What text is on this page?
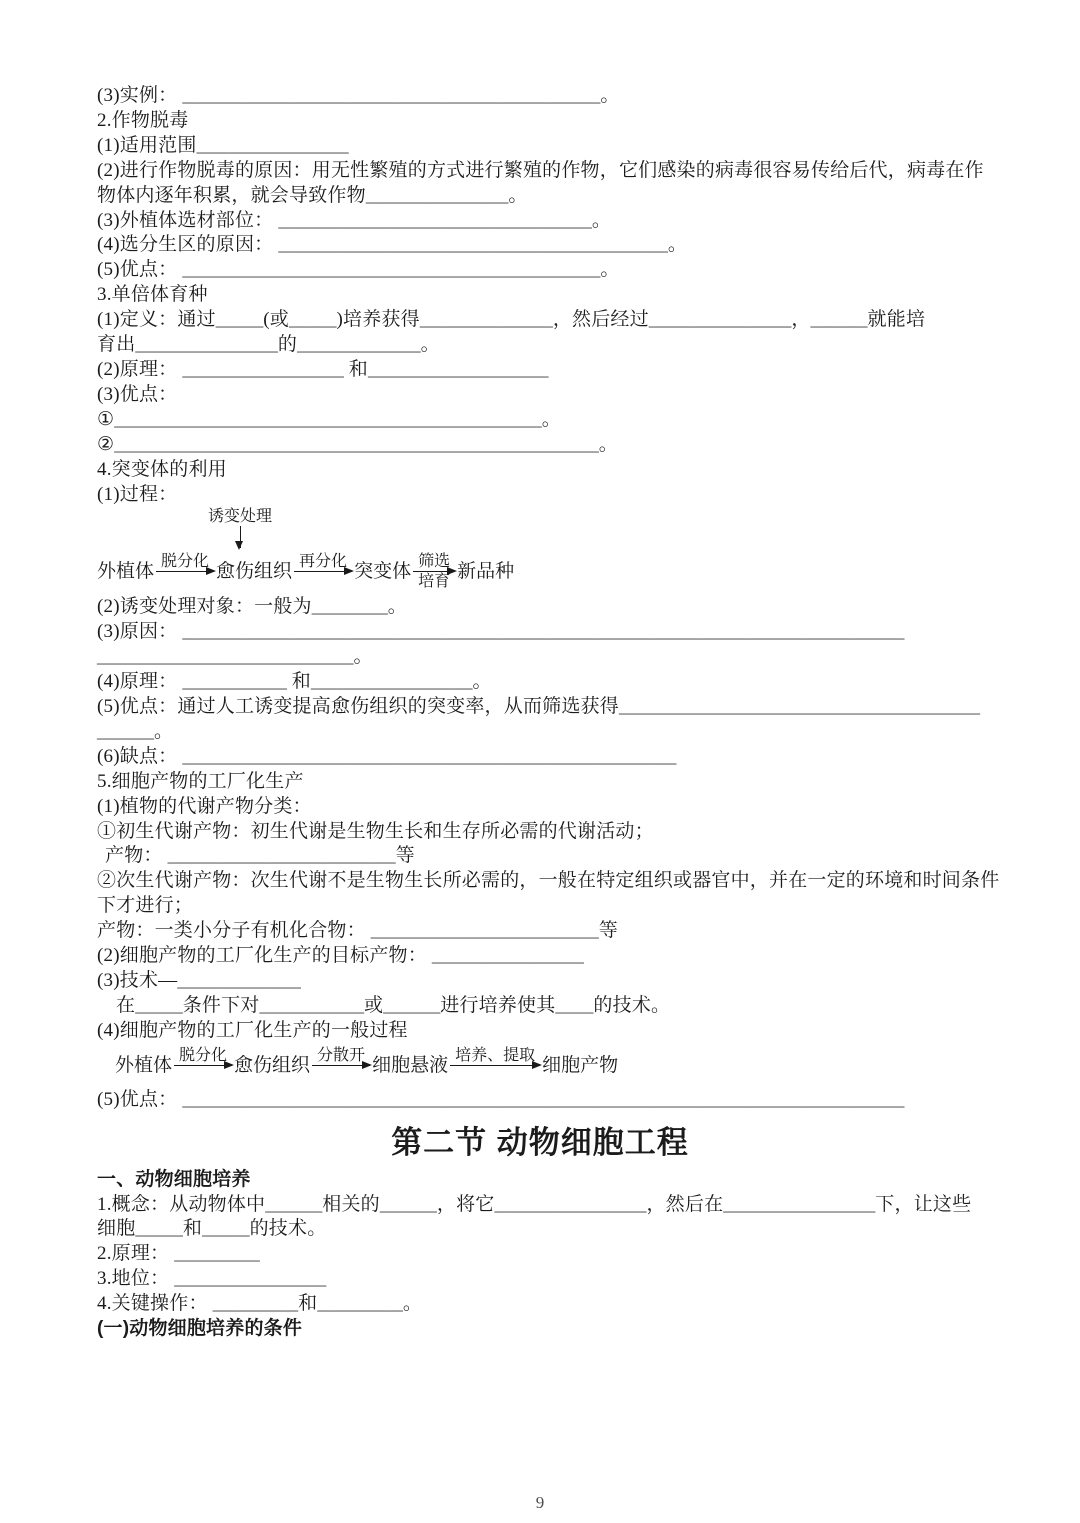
(3)实例： ____________________________________________。
2.作物脱毒
(1)适用范围________________
(2)进行作物脱毒的原因：用无性繁殖的方式进行繁殖的作物，它们感染的病毒很容易传给后代，病毒在作
物体内逐年积累，就会导致作物_______________。
(3)外植体选材部位： _________________________________。
(4)选分生区的原因： _________________________________________。
(5)优点： ____________________________________________。
3.单倍体育种
(1)定义：通过_____(或_____)培养获得______________，然后经过_______________，______就能培
育出_______________的_____________。
(2)原理： _________________ 和___________________
(3)优点：
①_____________________________________________。
②___________________________________________________。
4.突变体的利用
(1)过程：
诱变处理
外植体 脱分化 愈伤组织 再分化 突变体 筛选
培育 新品种
(2)诱变处理对象：一般为________。
(3)原因： ____________________________________________________________________________
___________________________。
(4)原理： ___________ 和_________________。
(5)优点：通过人工诱变提高愈伤组织的突变率，从而筛选获得______________________________________
______。
(6)缺点： ____________________________________________________
5.细胞产物的工厂化生产
(1)植物的代谢产物分类：
①初生代谢产物：初生代谢是生物生长和生存所必需的代谢活动；
产物： ________________________等
②次生代谢产物：次生代谢不是生物生长所必需的，一般在特定组织或器官中，并在一定的环境和时间条件
下才进行；
产物：一类小分子有机化合物： ________________________等
(2)细胞产物的工厂化生产的目标产物： ________________
(3)技术—_____________
在_____条件下对___________或______进行培养使其____的技术。
(4)细胞产物的工厂化生产的一般过程
外植体 脱分化 愈伤组织 分散开 细胞悬液 培养、提取 细胞产物
(5)优点： ____________________________________________________________________________
第二节 动物细胞工程
一、动物细胞培养
1.概念：从动物体中______相关的______，将它________________，然后在________________下，让这些
细胞_____和_____的技术。
2.原理： _________
3.地位： ________________
4.关键操作： _________和_________。
(一)动物细胞培养的条件
9
